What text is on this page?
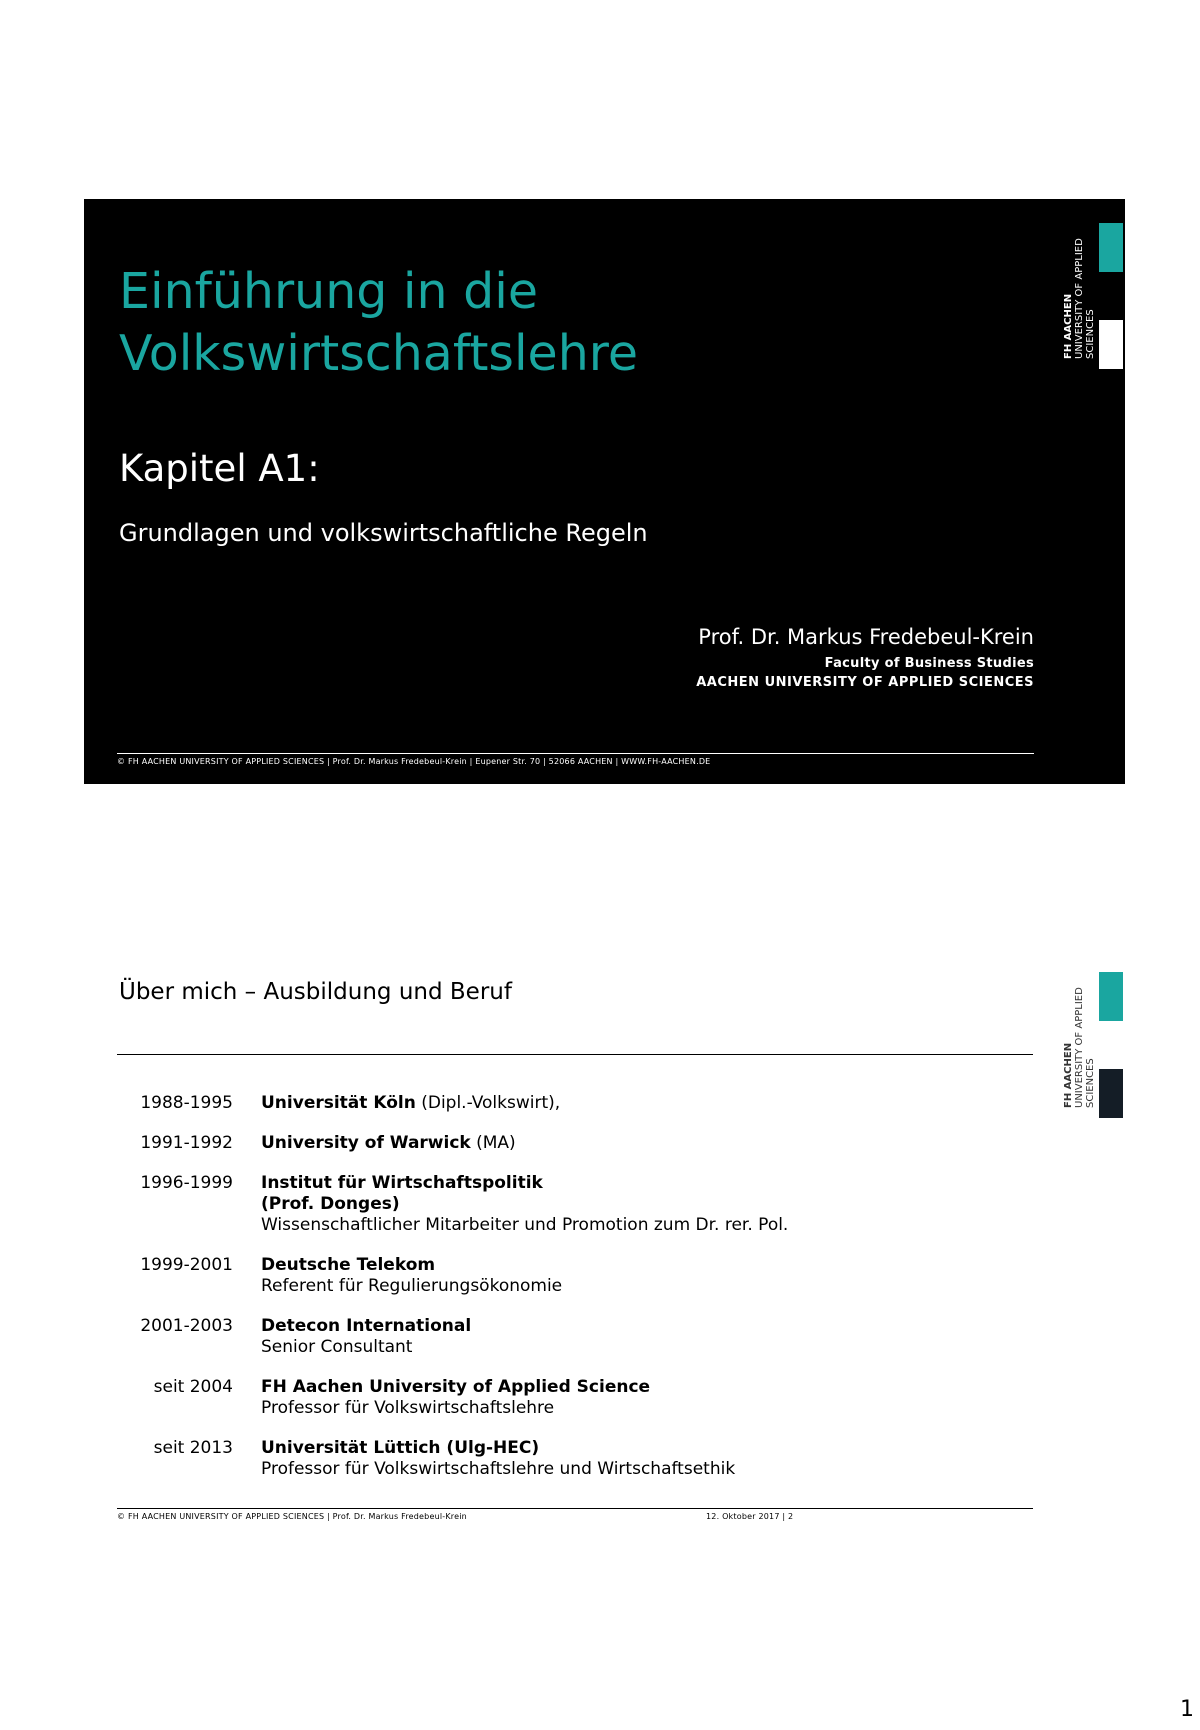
Einführung in die
Volkswirtschaftslehre
Kapitel A1:
Grundlagen und volkswirtschaftliche Regeln
Prof. Dr. Markus Fredebeul-Krein
Faculty of Business Studies
AACHEN UNIVERSITY OF APPLIED SCIENCES
© FH AACHEN UNIVERSITY OF APPLIED SCIENCES | Prof. Dr. Markus Fredebeul-Krein | Eupener Str. 70 | 52066 AACHEN | WWW.FH-AACHEN.DE
FH AACHEN UNIVERSITY OF APPLIED SCIENCES
Über mich – Ausbildung und Beruf
FH AACHEN UNIVERSITY OF APPLIED SCIENCES
1988-1995	Universität Köln (Dipl.-Volkswirt),
1991-1992	University of Warwick (MA)
1996-1999	Institut für Wirtschaftspolitik
(Prof. Donges)
Wissenschaftlicher Mitarbeiter und Promotion zum Dr. rer. Pol.
1999-2001	Deutsche Telekom
Referent für Regulierungsökonomie
2001-2003	Detecon International
Senior Consultant
seit 2004	FH Aachen University of Applied Science
Professor für Volkswirtschaftslehre
seit 2013	Universität Lüttich (Ulg-HEC)
Professor für Volkswirtschaftslehre und Wirtschaftsethik
© FH AACHEN UNIVERSITY OF APPLIED SCIENCES | Prof. Dr. Markus Fredebeul-Krein	12. Oktober 2017 | 2
1
